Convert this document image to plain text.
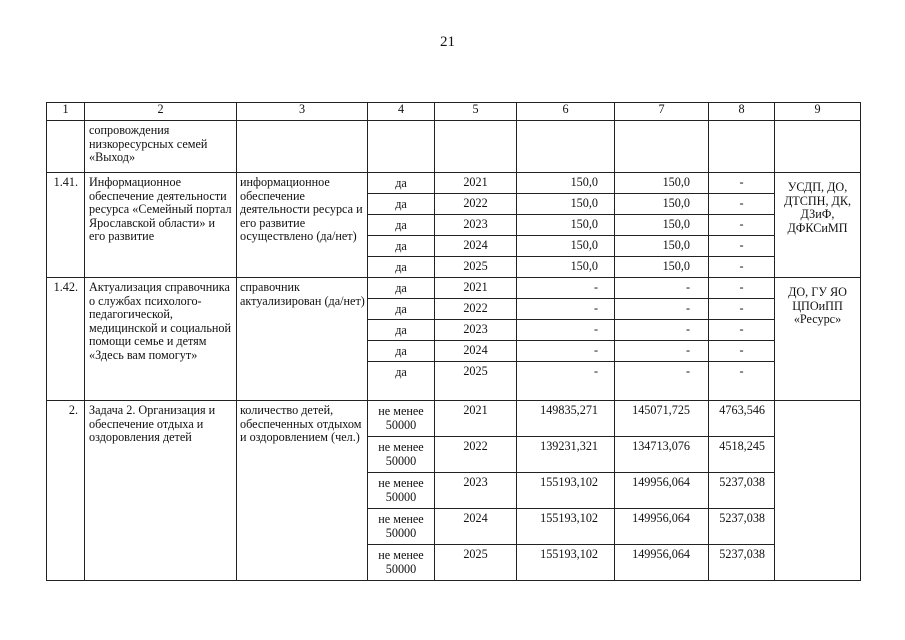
21
1	2	3	4	5	6	7	8	9
	сопровождения низкоресурсных семей «Выход»							
1.41.	Информационное обеспечение деятельности ресурса «Семейный портал Ярославской области» и его развитие	информационное обеспечение деятельности ресурса и его развитие осуществлено (да/нет)	да	2021	150,0	150,0	-	УСДП, ДО, ДТСПН, ДК, ДЗиФ, ДФКСиМП

			да	2022	150,0	150,0	-	

			да	2023	150,0	150,0	-	

			да	2024	150,0	150,0	-	

			да	2025	150,0	150,0	-	
1.42.	Актуализация справочника о службах психолого-педагогической, медицинской и социальной помощи семье и детям «Здесь вам помогут»	справочник актуализирован (да/нет)	да	2021	-	-	-	ДО, ГУ ЯО ЦПОиПП «Ресурс»

			да	2022	-	-	-	

			да	2023	-	-	-	

			да	2024	-	-	-	

			да	2025	-	-	-	
2.	Задача 2. Организация и обеспечение отдыха и оздоровления детей	количество детей, обеспеченных отдыхом и оздоровлением (чел.)	не менее 50000	2021	149835,271	145071,725	4763,546	

			не менее 50000	2022	139231,321	134713,076	4518,245	

			не менее 50000	2023	155193,102	149956,064	5237,038	

			не менее 50000	2024	155193,102	149956,064	5237,038	

			не менее 50000	2025	155193,102	149956,064	5237,038	
